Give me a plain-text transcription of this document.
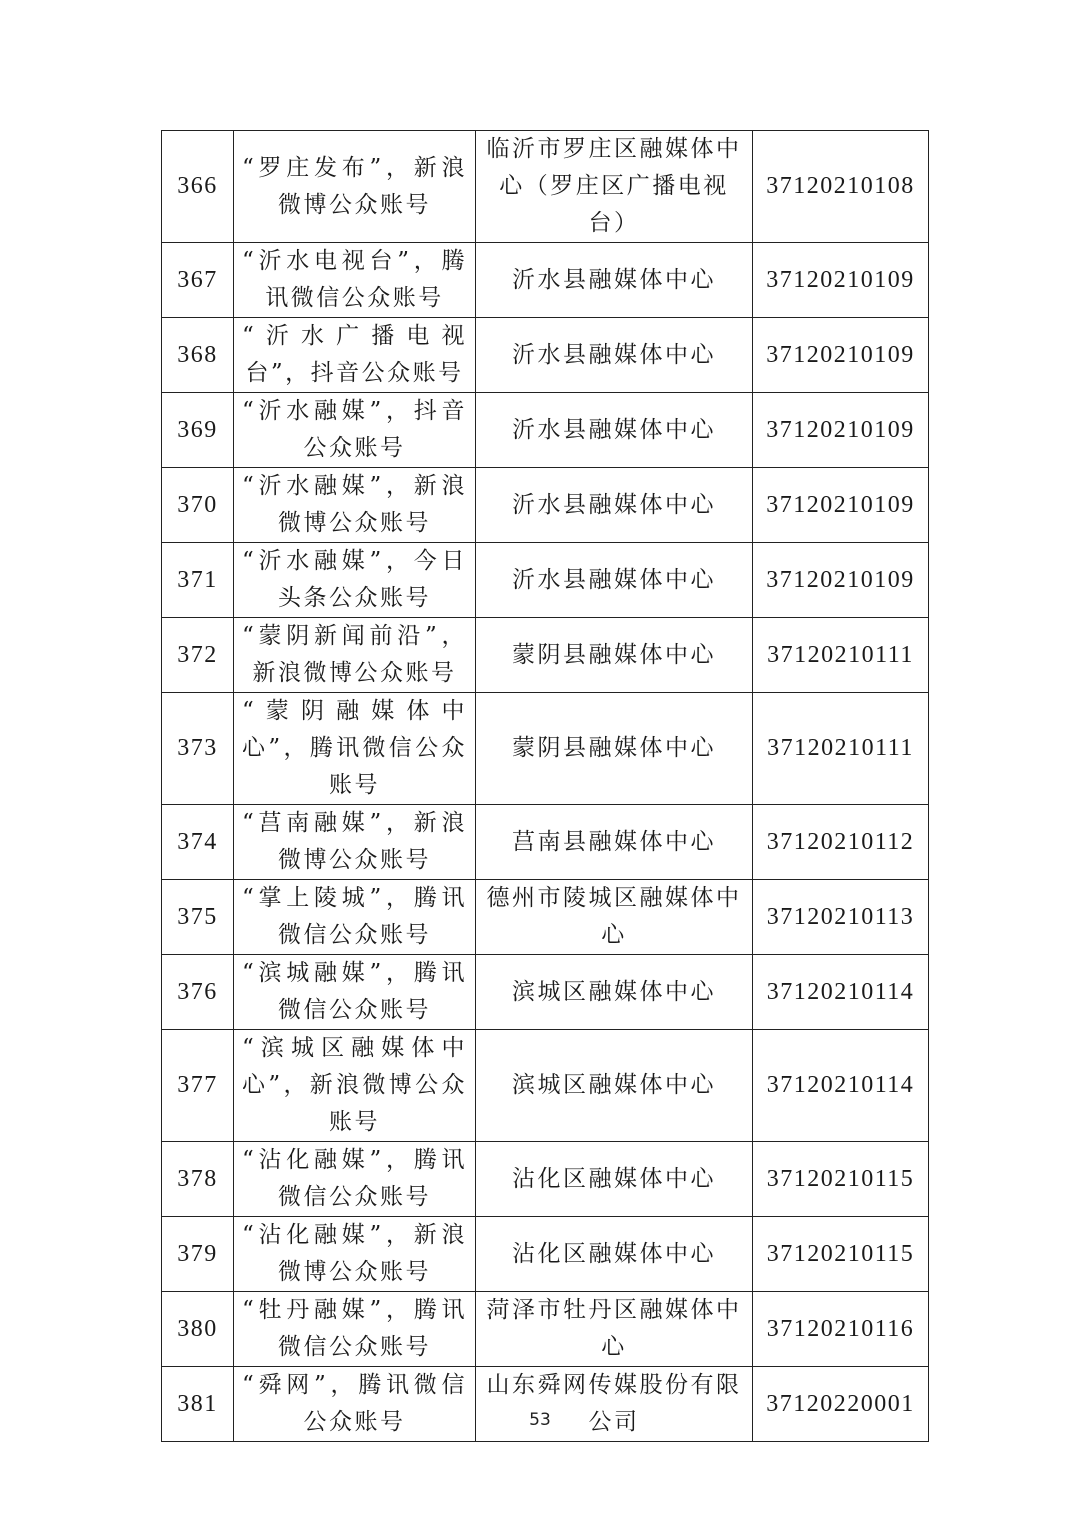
366	“罗庄发布”，新浪微博公众账号	临沂市罗庄区融媒体中心（罗庄区广播电视台）	37120210108
367	“沂水电视台”，腾讯微信公众账号	沂水县融媒体中心	37120210109
368	“沂水广播电视台”，抖音公众账号	沂水县融媒体中心	37120210109
369	“沂水融媒”，抖音公众账号	沂水县融媒体中心	37120210109
370	“沂水融媒”，新浪微博公众账号	沂水县融媒体中心	37120210109
371	“沂水融媒”，今日头条公众账号	沂水县融媒体中心	37120210109
372	“蒙阴新闻前沿”，新浪微博公众账号	蒙阴县融媒体中心	37120210111
373	“蒙阴融媒体中心”，腾讯微信公众账号	蒙阴县融媒体中心	37120210111
374	“莒南融媒”，新浪微博公众账号	莒南县融媒体中心	37120210112
375	“掌上陵城”，腾讯微信公众账号	德州市陵城区融媒体中心	37120210113
376	“滨城融媒”，腾讯微信公众账号	滨城区融媒体中心	37120210114
377	“滨城区融媒体中心”，新浪微博公众账号	滨城区融媒体中心	37120210114
378	“沾化融媒”，腾讯微信公众账号	沾化区融媒体中心	37120210115
379	“沾化融媒”，新浪微博公众账号	沾化区融媒体中心	37120210115
380	“牡丹融媒”，腾讯微信公众账号	菏泽市牡丹区融媒体中心	37120210116
381	“舜网”，腾讯微信公众账号	山东舜网传媒股份有限公司	37120220001
53
